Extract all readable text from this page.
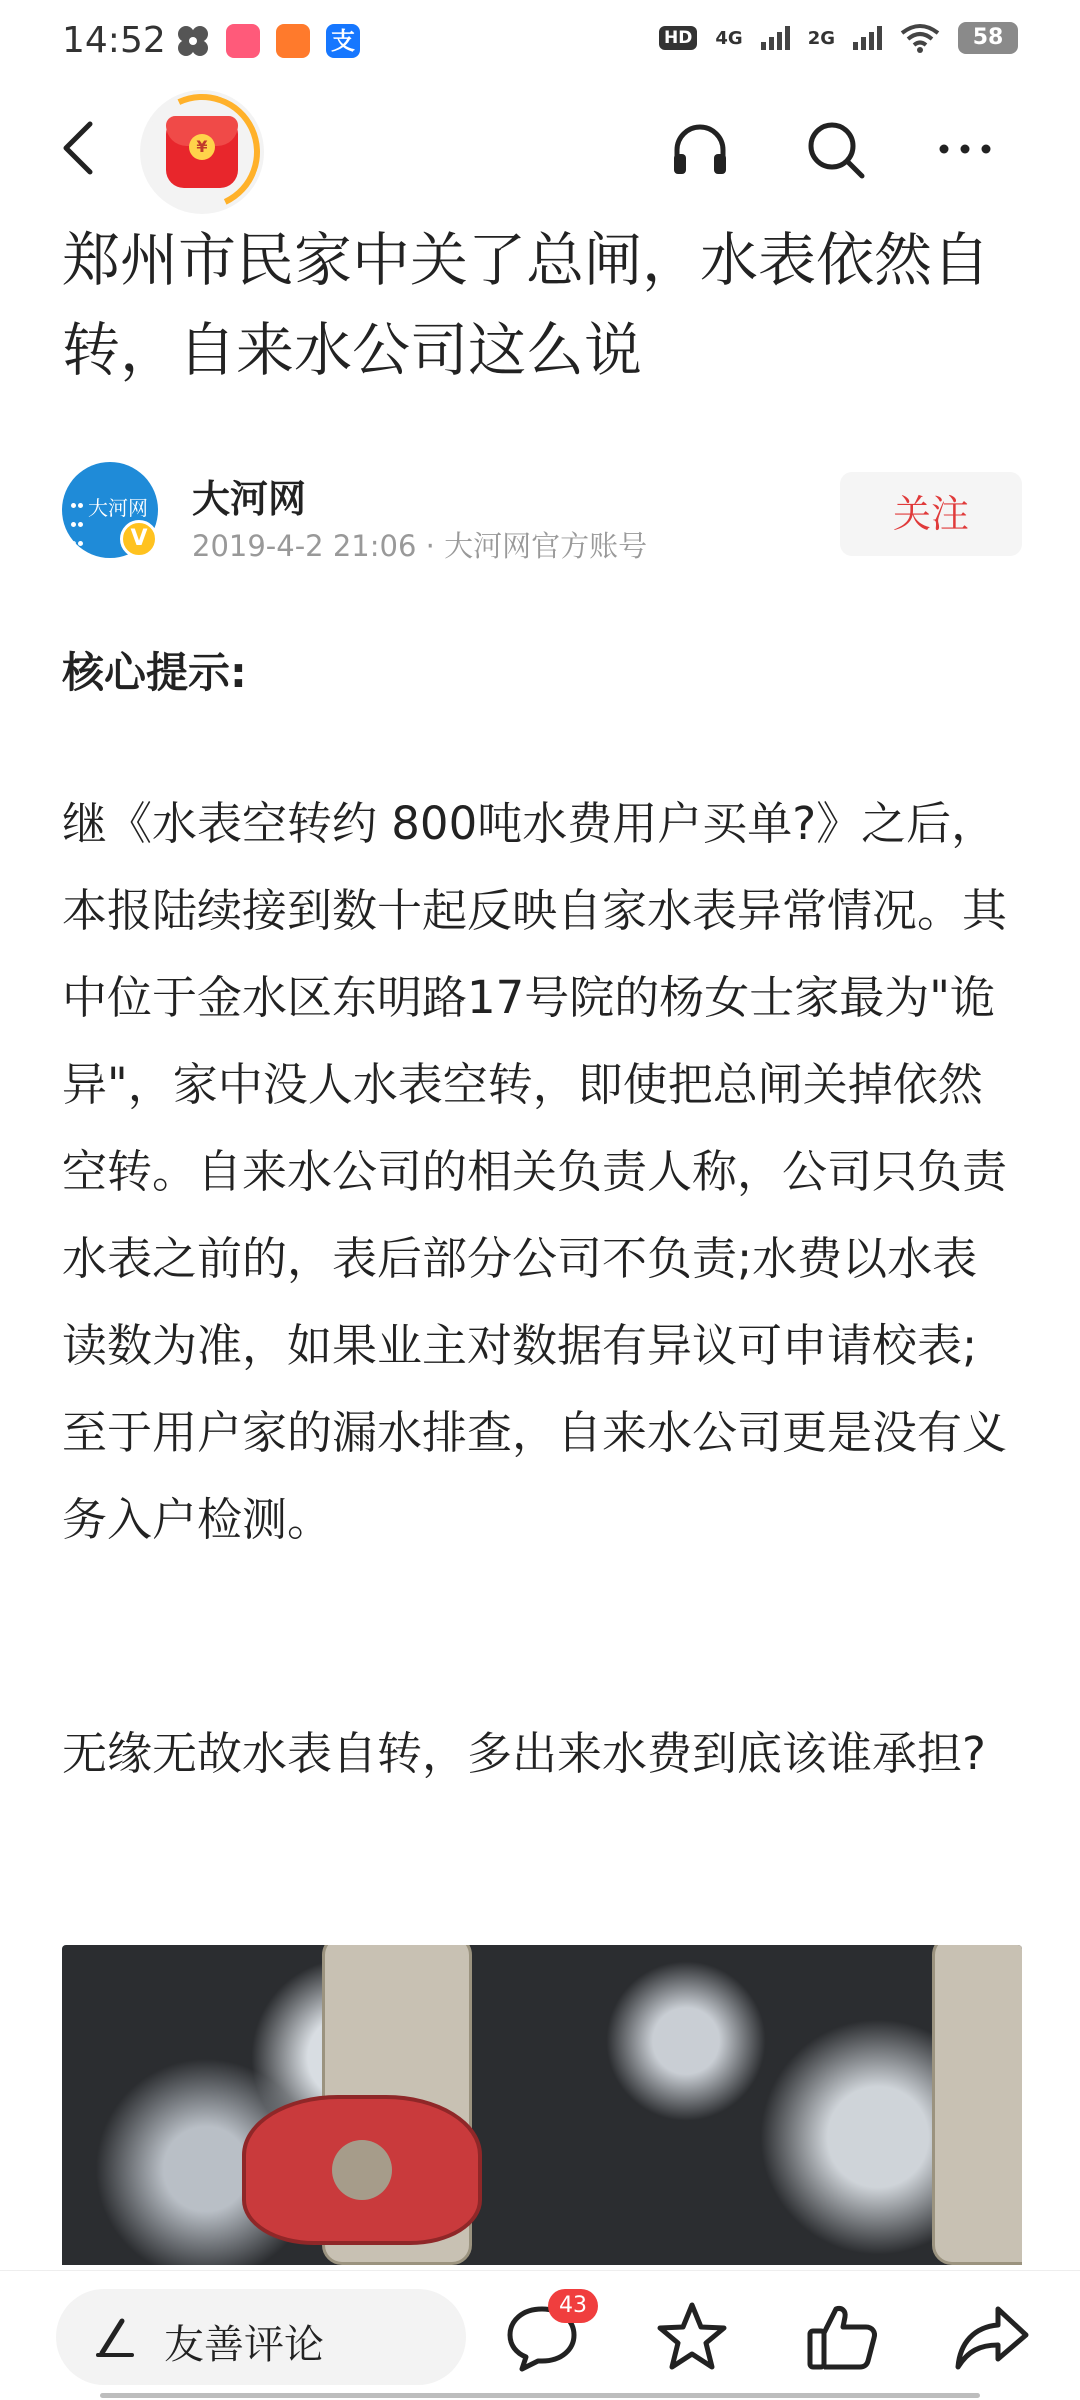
14:52	支	HD 4G	2G	58
¥
郑州市民家中关了总闸，水表依然自转，自来水公司这么说
大河网
V
大河网
2019-4-2 21:06 · 大河网官方账号
关注
核心提示:

继《水表空转约 800吨水费用户买单?》之后，本报陆续接到数十起反映自家水表异常情况。其中位于金水区东明路17号院的杨女士家最为"诡异"，家中没人水表空转，即使把总闸关掉依然空转。自来水公司的相关负责人称，公司只负责水表之前的，表后部分公司不负责;水费以水表读数为准，如果业主对数据有异议可申请校表;至于用户家的漏水排查，自来水公司更是没有义务入户检测。

无缘无故水表自转，多出来水费到底该谁承担?

友善评论
43
